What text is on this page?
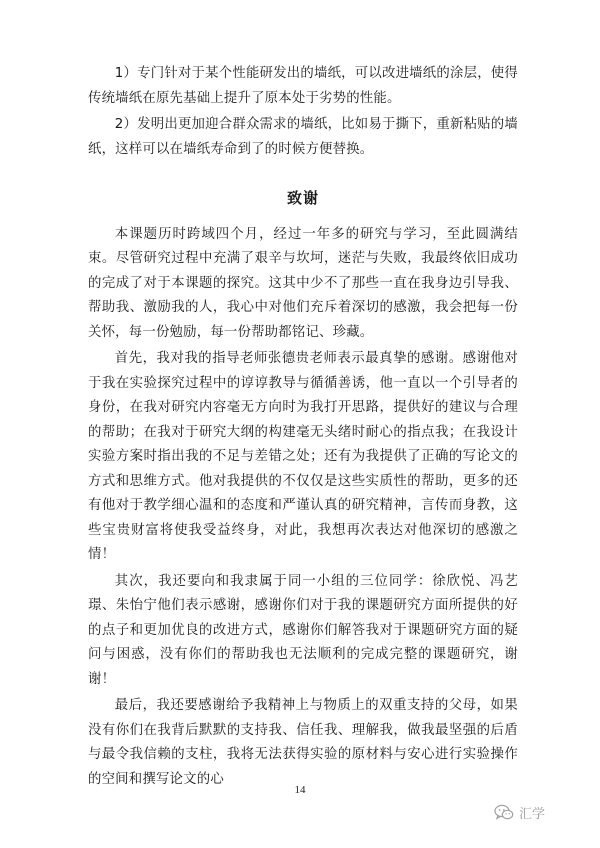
1）专门针对于某个性能研发出的墙纸，可以改进墙纸的涂层，使得传统墙纸在原先基础上提升了原本处于劣势的性能。

2）发明出更加迎合群众需求的墙纸，比如易于撕下，重新粘贴的墙纸，这样可以在墙纸寿命到了的时候方便替换。

致谢

本课题历时跨域四个月，经过一年多的研究与学习，至此圆满结束。尽管研究过程中充满了艰辛与坎坷，迷茫与失败，我最终依旧成功的完成了对于本课题的探究。这其中少不了那些一直在我身边引导我、帮助我、激励我的人，我心中对他们充斥着深切的感激，我会把每一份关怀，每一份勉励，每一份帮助都铭记、珍藏。

首先，我对我的指导老师张德贵老师表示最真挚的感谢。感谢他对于我在实验探究过程中的谆谆教导与循循善诱，他一直以一个引导者的身份，在我对研究内容毫无方向时为我打开思路，提供好的建议与合理的帮助；在我对于研究大纲的构建毫无头绪时耐心的指点我；在我设计实验方案时指出我的不足与差错之处；还有为我提供了正确的写论文的方式和思维方式。他对我提供的不仅仅是这些实质性的帮助，更多的还有他对于教学细心温和的态度和严谨认真的研究精神，言传而身教，这些宝贵财富将使我受益终身，对此，我想再次表达对他深切的感激之情！

其次，我还要向和我隶属于同一小组的三位同学：徐欣悦、冯艺璟、朱怡宁他们表示感谢，感谢你们对于我的课题研究方面所提供的好的点子和更加优良的改进方式，感谢你们解答我对于课题研究方面的疑问与困惑，没有你们的帮助我也无法顺利的完成完整的课题研究，谢谢！

最后，我还要感谢给予我精神上与物质上的双重支持的父母，如果没有你们在我背后默默的支持我、信任我、理解我，做我最坚强的后盾与最令我信赖的支柱，我将无法获得实验的原材料与安心进行实验操作的空间和撰写论文的心

14
汇学
